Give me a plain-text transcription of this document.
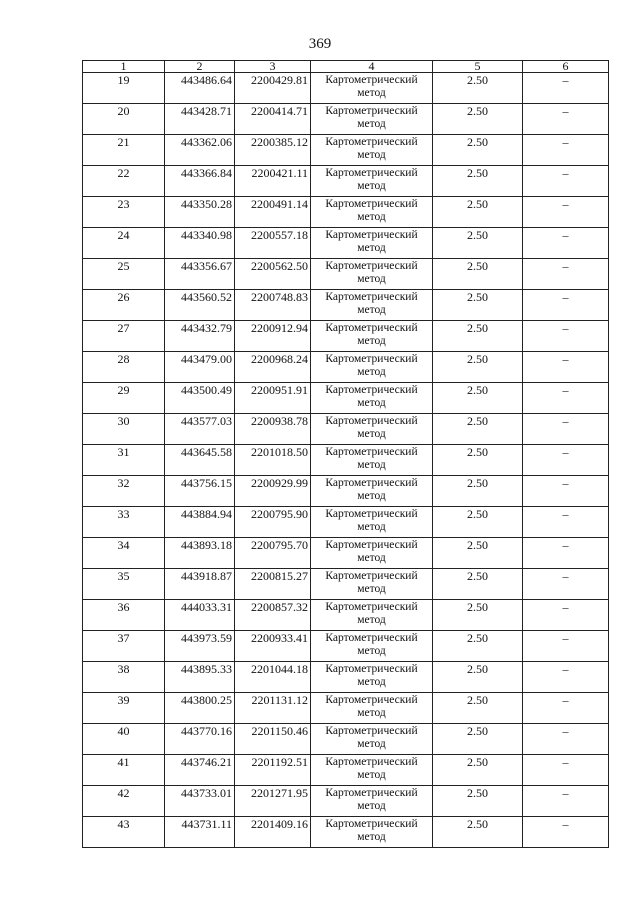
369
1	2	3	4	5	6
19	443486.64	2200429.81	Картометрический метод	2.50	–
20	443428.71	2200414.71	Картометрический метод	2.50	–
21	443362.06	2200385.12	Картометрический метод	2.50	–
22	443366.84	2200421.11	Картометрический метод	2.50	–
23	443350.28	2200491.14	Картометрический метод	2.50	–
24	443340.98	2200557.18	Картометрический метод	2.50	–
25	443356.67	2200562.50	Картометрический метод	2.50	–
26	443560.52	2200748.83	Картометрический метод	2.50	–
27	443432.79	2200912.94	Картометрический метод	2.50	–
28	443479.00	2200968.24	Картометрический метод	2.50	–
29	443500.49	2200951.91	Картометрический метод	2.50	–
30	443577.03	2200938.78	Картометрический метод	2.50	–
31	443645.58	2201018.50	Картометрический метод	2.50	–
32	443756.15	2200929.99	Картометрический метод	2.50	–
33	443884.94	2200795.90	Картометрический метод	2.50	–
34	443893.18	2200795.70	Картометрический метод	2.50	–
35	443918.87	2200815.27	Картометрический метод	2.50	–
36	444033.31	2200857.32	Картометрический метод	2.50	–
37	443973.59	2200933.41	Картометрический метод	2.50	–
38	443895.33	2201044.18	Картометрический метод	2.50	–
39	443800.25	2201131.12	Картометрический метод	2.50	–
40	443770.16	2201150.46	Картометрический метод	2.50	–
41	443746.21	2201192.51	Картометрический метод	2.50	–
42	443733.01	2201271.95	Картометрический метод	2.50	–
43	443731.11	2201409.16	Картометрический метод	2.50	–
